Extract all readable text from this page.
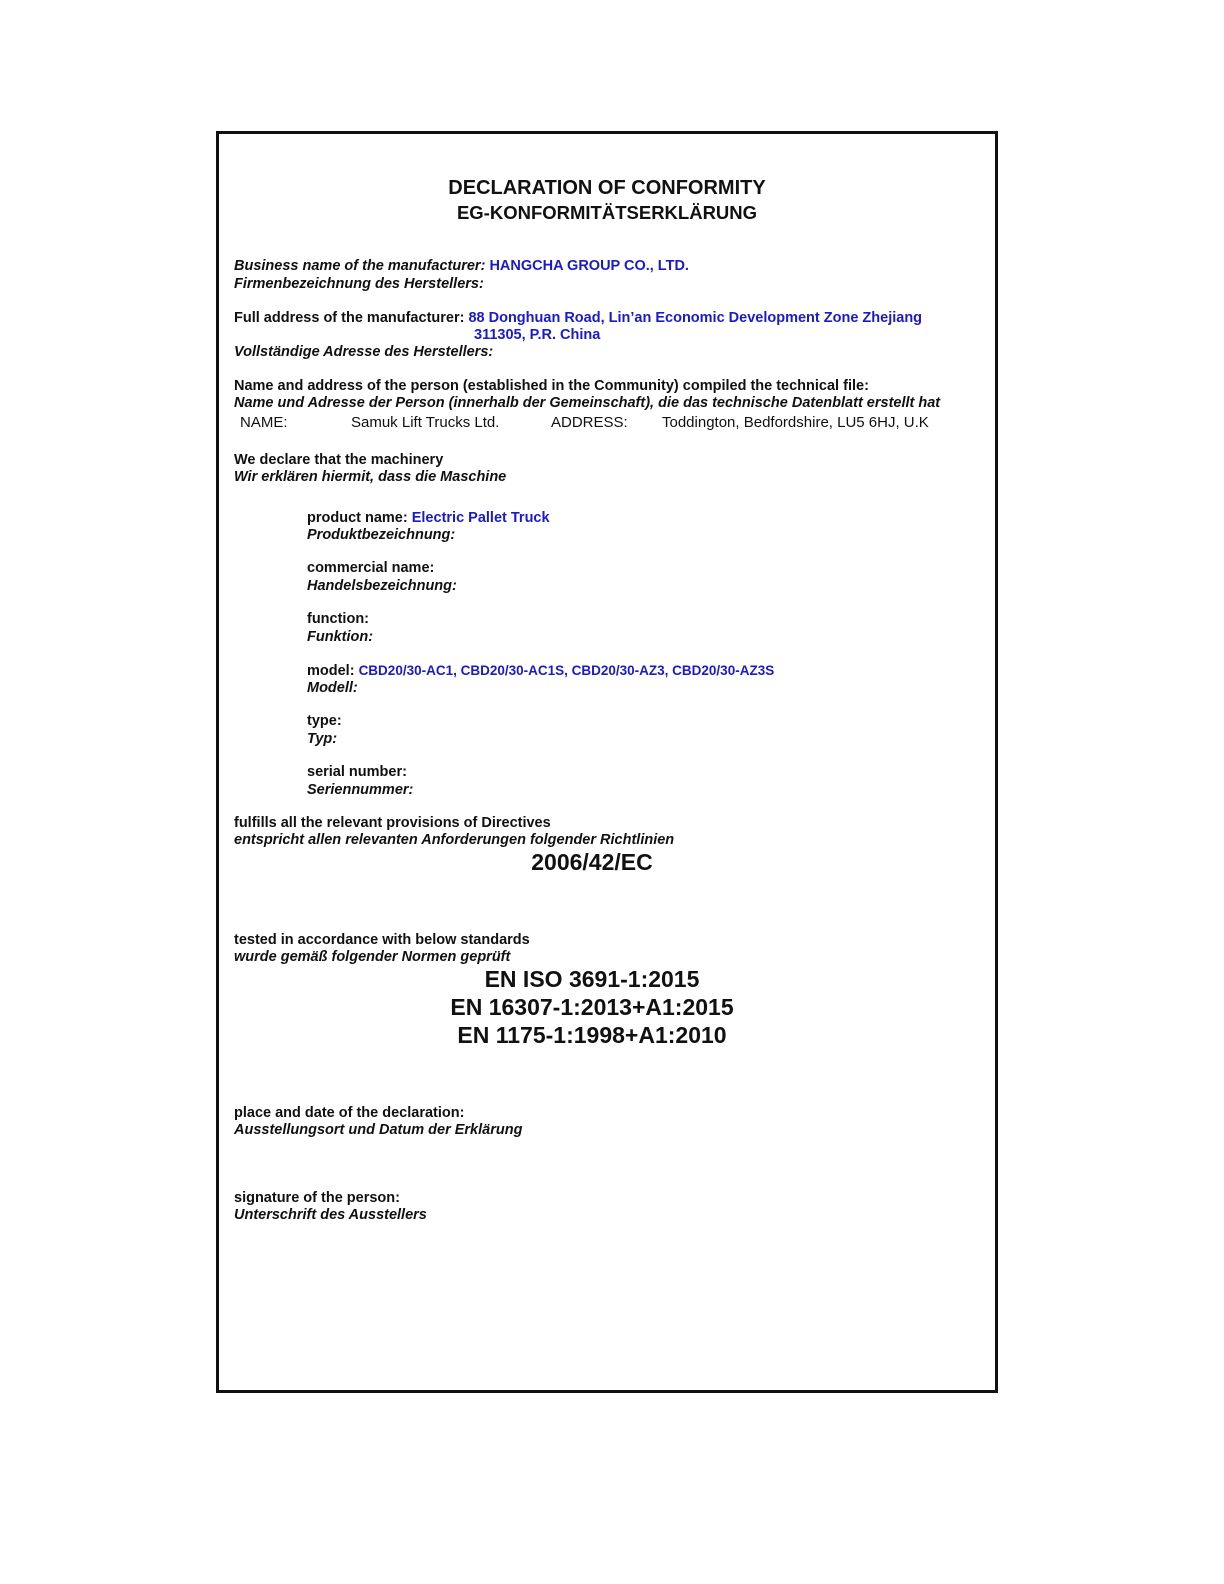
DECLARATION OF CONFORMITY
EG-KONFORMITÄTSERKLÄRUNG
Business name of the manufacturer: HANGCHA GROUP CO., LTD.
Firmenbezeichnung des Herstellers:
Full address of the manufacturer: 88 Donghuan Road, Lin’an Economic Development Zone Zhejiang
311305, P.R. China
Vollständige Adresse des Herstellers:
Name and address of the person (established in the Community) compiled the technical file:
Name und Adresse der Person (innerhalb der Gemeinschaft), die das technische Datenblatt erstellt hat
NAME:	Samuk Lift Trucks Ltd.	ADDRESS: Toddington, Bedfordshire, LU5 6HJ, U.K
We declare that the machinery
Wir erklären hiermit, dass die Maschine
product name: Electric Pallet Truck
Produktbezeichnung:
commercial name:
Handelsbezeichnung:
function:
Funktion:
model: CBD20/30-AC1, CBD20/30-AC1S, CBD20/30-AZ3, CBD20/30-AZ3S
Modell:
type:
Typ:
serial number:
Seriennummer:
fulfills all the relevant provisions of Directives
entspricht allen relevanten Anforderungen folgender Richtlinien
2006/42/EC
tested in accordance with below standards
wurde gemäß folgender Normen geprüft
EN ISO 3691-1:2015
EN 16307-1:2013+A1:2015
EN 1175-1:1998+A1:2010
place and date of the declaration:
Ausstellungsort und Datum der Erklärung
signature of the person:
Unterschrift des Ausstellers
